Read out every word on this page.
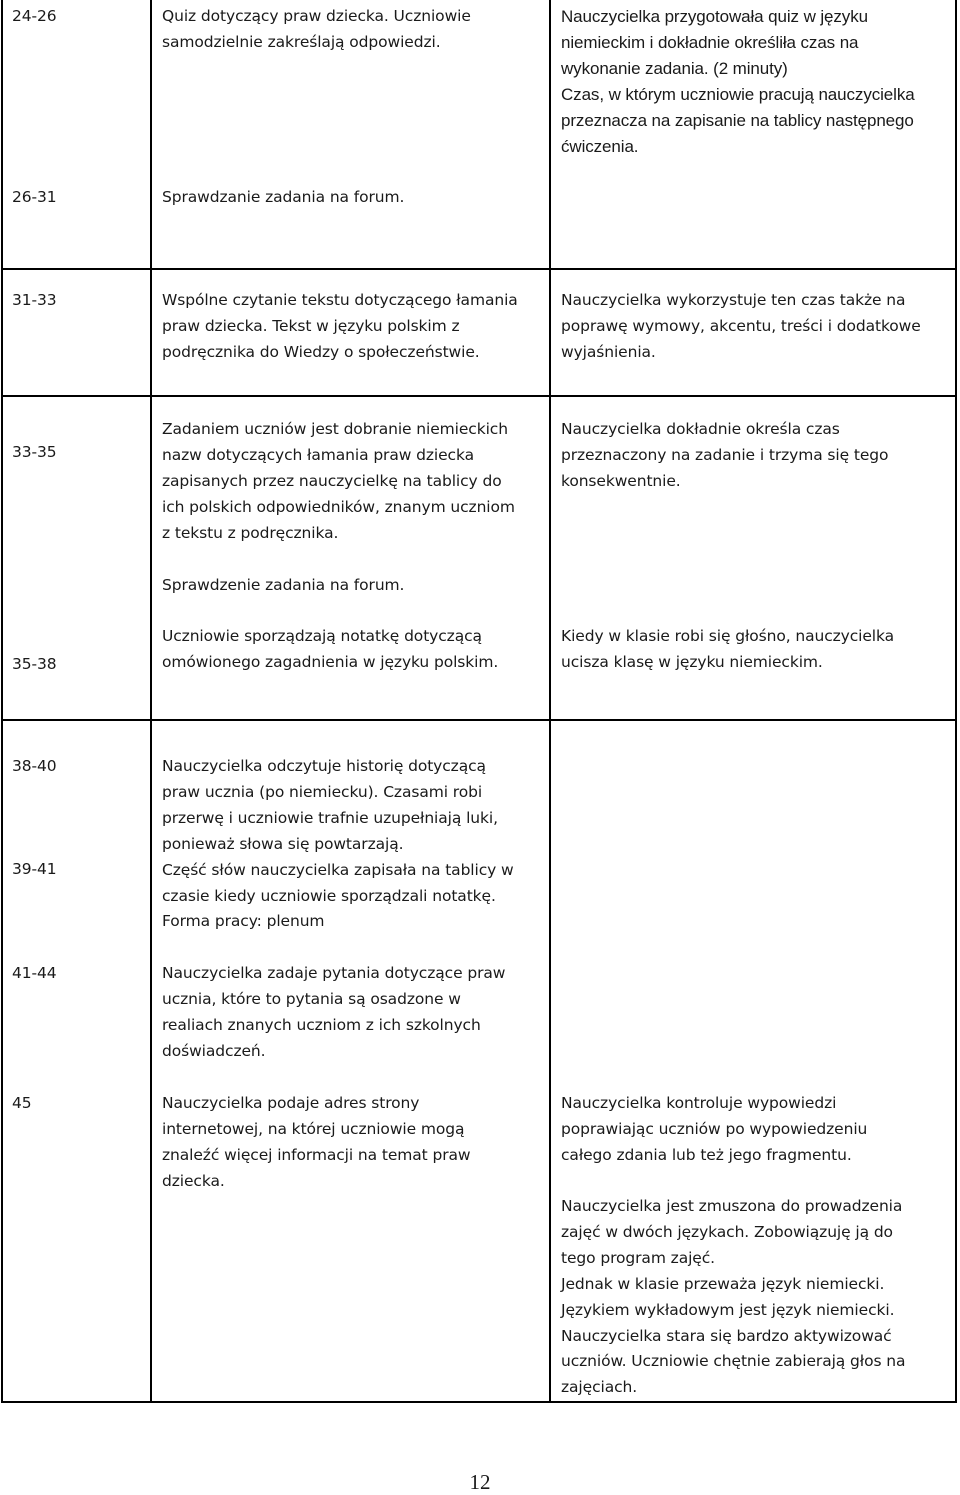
24-26
26-31
Quiz dotyczący praw dziecka. Uczniowie
samodzielnie zakreślają odpowiedzi.
Sprawdzanie zadania na forum.
Nauczycielka przygotowała quiz w języku
niemieckim i dokładnie określiła czas na
wykonanie zadania. (2 minuty)
Czas, w którym uczniowie pracują nauczycielka
przeznacza na zapisanie na tablicy następnego
ćwiczenia.
31-33	Wspólne czytanie tekstu dotyczącego łamania
praw dziecka. Tekst w języku polskim z
podręcznika do Wiedzy o społeczeństwie.
Nauczycielka wykorzystuje ten czas także na
poprawę wymowy, akcentu, treści i dodatkowe
wyjaśnienia.
33-35
35-38
Zadaniem uczniów jest dobranie niemieckich
nazw dotyczących łamania praw dziecka
zapisanych przez nauczycielkę na tablicy do
ich polskich odpowiedników, znanym uczniom
z tekstu z podręcznika.
Sprawdzenie zadania na forum.
Uczniowie sporządzają notatkę dotyczącą
omówionego zagadnienia w języku polskim.
Nauczycielka dokładnie określa czas
przeznaczony na zadanie i trzyma się tego
konsekwentnie.
Kiedy w klasie robi się głośno, nauczycielka
ucisza klasę w języku niemieckim.
38-40
39-41
41-44
45
Nauczycielka odczytuje historię dotyczącą
praw ucznia (po niemiecku). Czasami robi
przerwę i uczniowie trafnie uzupełniają luki,
ponieważ słowa się powtarzają.
Część słów nauczycielka zapisała na tablicy w
czasie kiedy uczniowie sporządzali notatkę.
Forma pracy: plenum
Nauczycielka zadaje pytania dotyczące praw
ucznia, które to pytania są osadzone w
realiach znanych uczniom z ich szkolnych
doświadczeń.
Nauczycielka podaje adres strony
internetowej, na której uczniowie mogą
znaleźć więcej informacji na temat praw
dziecka.
Nauczycielka kontroluje wypowiedzi
poprawiając uczniów po wypowiedzeniu
całego zdania lub też jego fragmentu.
Nauczycielka jest zmuszona do prowadzenia
zajęć w dwóch językach. Zobowiązuję ją do
tego program zajęć.
Jednak w klasie przeważa język niemiecki.
Językiem wykładowym jest język niemiecki.
Nauczycielka stara się bardzo aktywizować
uczniów. Uczniowie chętnie zabierają głos na
zajęciach.
12
